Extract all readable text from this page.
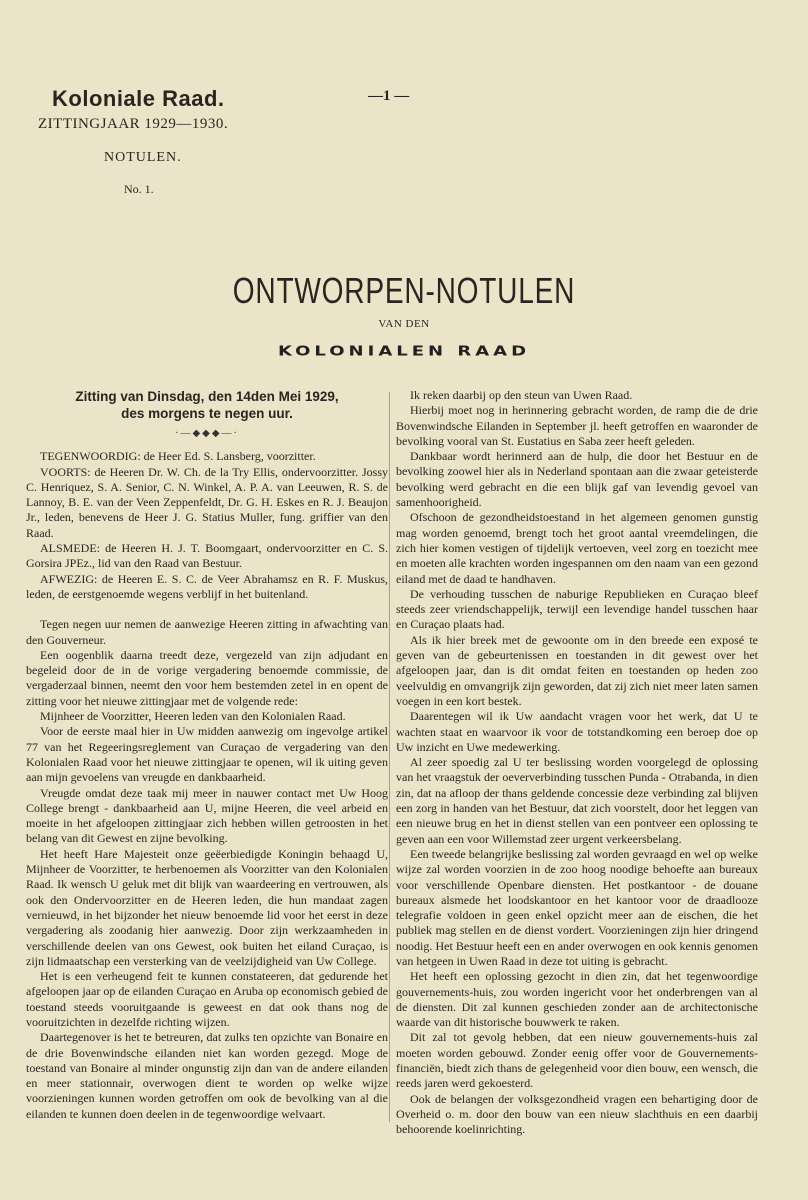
Koloniale Raad.
ZITTINGJAAR 1929—1930.
NOTULEN.
No. 1.
—1 —
ONTWORPEN-NOTULEN
VAN DEN
KOLONIALEN RAAD
Zitting van Dinsdag, den 14den Mei 1929,
des morgens te negen uur.
·—◆◆◆—·

TEGENWOORDIG: de Heer Ed. S. Lansberg, voorzitter.

VOORTS: de Heeren Dr. W. Ch. de la Try Ellis, ondervoorzitter. Jossy C. Henriquez, S. A. Senior, C. N. Winkel, A. P. A. van Leeuwen, R. S. de Lannoy, B. E. van der Veen Zeppenfeldt, Dr. G. H. Eskes en R. J. Beaujon Jr., leden, benevens de Heer J. G. Statius Muller, fung. griffier van den Raad.

ALSMEDE: de Heeren H. J. T. Boomgaart, ondervoorzitter en C. S. Gorsira JPEz., lid van den Raad van Bestuur.

AFWEZIG: de Heeren E. S. C. de Veer Abrahamsz en R. F. Muskus, leden, de eerstgenoemde wegens verblijf in het buitenland.

Tegen negen uur nemen de aanwezige Heeren zitting in afwachting van den Gouverneur.

Een oogenblik daarna treedt deze, vergezeld van zijn adjudant en begeleid door de in de vorige vergadering benoemde commissie, de vergaderzaal binnen, neemt den voor hem bestemden zetel in en opent de zitting voor het nieuwe zittingjaar met de volgende rede:

Mijnheer de Voorzitter, Heeren leden van den Kolonialen Raad.

Voor de eerste maal hier in Uw midden aanwezig om ingevolge artikel 77 van het Regeeringsreglement van Curaçao de vergadering van den Kolonialen Raad voor het nieuwe zittingjaar te openen, wil ik uiting geven aan mijn gevoelens van vreugde en dankbaarheid.

Vreugde omdat deze taak mij meer in nauwer contact met Uw Hoog College brengt - dankbaarheid aan U, mijne Heeren, die veel arbeid en moeite in het afgeloopen zittingjaar zich hebben willen getroosten in het belang van dit Gewest en zijne bevolking.

Het heeft Hare Majesteit onze geëerbiedigde Koningin behaagd U, Mijnheer de Voorzitter, te herbenoemen als Voorzitter van den Kolonialen Raad. Ik wensch U geluk met dit blijk van waardeering en vertrouwen, als ook den Ondervoorzitter en de Heeren leden, die hun mandaat zagen vernieuwd, in het bijzonder het nieuw benoemde lid voor het eerst in deze vergadering als zoodanig hier aanwezig. Door zijn werkzaamheden in verschillende deelen van ons Gewest, ook buiten het eiland Curaçao, is zijn lidmaatschap een versterking van de veelzijdigheid van Uw College.

Het is een verheugend feit te kunnen constateeren, dat gedurende het afgeloopen jaar op de eilanden Curaçao en Aruba op economisch gebied de toestand steeds vooruitgaande is geweest en dat ook thans nog de vooruitzichten in dezelfde richting wijzen.

Daartegenover is het te betreuren, dat zulks ten opzichte van Bonaire en de drie Bovenwindsche eilanden niet kan worden gezegd. Moge de toestand van Bonaire al minder ongunstig zijn dan van de andere eilanden en meer stationnair, overwogen dient te worden op welke wijze voorzieningen kunnen worden getroffen om ook de bevolking van al die eilanden te kunnen doen deelen in de tegenwoordige welvaart.

Ik reken daarbij op den steun van Uwen Raad.

Hierbij moet nog in herinnering gebracht worden, de ramp die de drie Bovenwindsche Eilanden in September jl. heeft getroffen en waaronder de bevolking vooral van St. Eustatius en Saba zeer heeft geleden.

Dankbaar wordt herinnerd aan de hulp, die door het Bestuur en de bevolking zoowel hier als in Nederland spontaan aan die zwaar geteisterde bevolking werd gebracht en die een blijk gaf van levendig gevoel van samenhoorigheid.

Ofschoon de gezondheidstoestand in het algemeen genomen gunstig mag worden genoemd, brengt toch het groot aantal vreemdelingen, die zich hier komen vestigen of tijdelijk vertoeven, veel zorg en toezicht mee en moeten alle krachten worden ingespannen om den naam van een gezond eiland met de daad te handhaven.

De verhouding tusschen de naburige Republieken en Curaçao bleef steeds zeer vriendschappelijk, terwijl een levendige handel tusschen haar en Curaçao plaats had.

Als ik hier breek met de gewoonte om in den breede een exposé te geven van de gebeurtenissen en toestanden in dit gewest over het afgeloopen jaar, dan is dit omdat feiten en toestanden op heden zoo veelvuldig en omvangrijk zijn geworden, dat zij zich niet meer laten samen voegen in een kort bestek.

Daarentegen wil ik Uw aandacht vragen voor het werk, dat U te wachten staat en waarvoor ik voor de totstandkoming een beroep doe op Uw inzicht en Uwe medewerking.

Al zeer spoedig zal U ter beslissing worden voorgelegd de oplossing van het vraagstuk der oeververbinding tusschen Punda - Otrabanda, in dien zin, dat na afloop der thans geldende concessie deze verbinding zal blijven een zorg in handen van het Bestuur, dat zich voorstelt, door het leggen van een nieuwe brug en het in dienst stellen van een pontveer een oplossing te geven aan een voor Willemstad zeer urgent verkeersbelang.

Een tweede belangrijke beslissing zal worden gevraagd en wel op welke wijze zal worden voorzien in de zoo hoog noodige behoefte aan bureaux voor verschillende Openbare diensten. Het postkantoor - de douane bureaux alsmede het loodskantoor en het kantoor voor de draadlooze telegrafie voldoen in geen enkel opzicht meer aan de eischen, die het publiek mag stellen en de dienst vordert. Voorzieningen zijn hier dringend noodig. Het Bestuur heeft een en ander overwogen en ook kennis genomen van hetgeen in Uwen Raad in deze tot uiting is gebracht.

Het heeft een oplossing gezocht in dien zin, dat het tegenwoordige gouvernements-huis, zou worden ingericht voor het onderbrengen van al de diensten. Dit zal kunnen geschieden zonder aan de architectonische waarde van dit historische bouwwerk te raken.

Dit zal tot gevolg hebben, dat een nieuw gouvernements-huis zal moeten worden gebouwd. Zonder eenig offer voor de Gouvernements-financiën, biedt zich thans de gelegenheid voor dien bouw, een wensch, die reeds jaren werd gekoesterd.

Ook de belangen der volksgezondheid vragen een behartiging door de Overheid o. m. door den bouw van een nieuw slachthuis en een daarbij behoorende koelinrichting.
